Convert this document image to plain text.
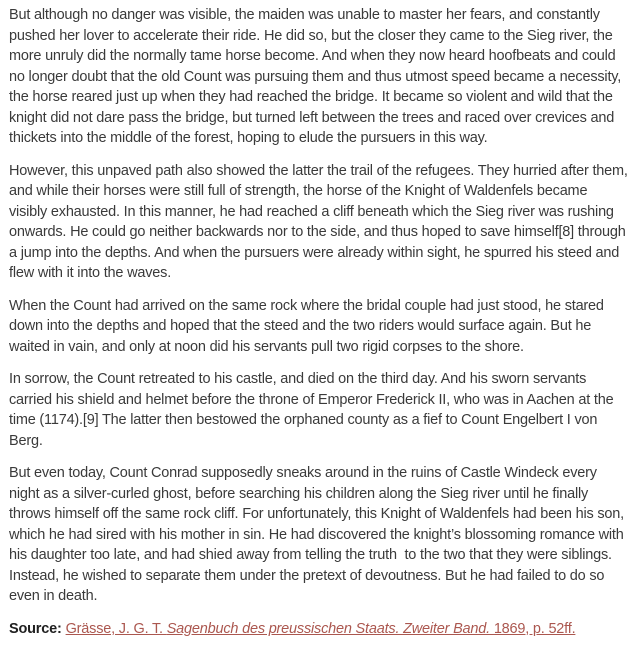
But although no danger was visible, the maiden was unable to master her fears, and constantly pushed her lover to accelerate their ride. He did so, but the closer they came to the Sieg river, the more unruly did the normally tame horse become. And when they now heard hoofbeats and could no longer doubt that the old Count was pursuing them and thus utmost speed became a necessity, the horse reared just up when they had reached the bridge. It became so violent and wild that the knight did not dare pass the bridge, but turned left between the trees and raced over crevices and thickets into the middle of the forest, hoping to elude the pursuers in this way.

However, this unpaved path also showed the latter the trail of the refugees. They hurried after them, and while their horses were still full of strength, the horse of the Knight of Waldenfels became visibly exhausted. In this manner, he had reached a cliff beneath which the Sieg river was rushing onwards. He could go neither backwards nor to the side, and thus hoped to save himself[8] through a jump into the depths. And when the pursuers were already within sight, he spurred his steed and flew with it into the waves.

When the Count had arrived on the same rock where the bridal couple had just stood, he stared down into the depths and hoped that the steed and the two riders would surface again. But he waited in vain, and only at noon did his servants pull two rigid corpses to the shore.

In sorrow, the Count retreated to his castle, and died on the third day. And his sworn servants carried his shield and helmet before the throne of Emperor Frederick II, who was in Aachen at the time (1174).[9] The latter then bestowed the orphaned county as a fief to Count Engelbert I von Berg.

But even today, Count Conrad supposedly sneaks around in the ruins of Castle Windeck every night as a silver-curled ghost, before searching his children along the Sieg river until he finally throws himself off the same rock cliff. For unfortunately, this Knight of Waldenfels had been his son, which he had sired with his mother in sin. He had discovered the knight’s blossoming romance with his daughter too late, and had shied away from telling the truth  to the two that they were siblings. Instead, he wished to separate them under the pretext of devoutness. But he had failed to do so even in death.

Source: Grässe, J. G. T. Sagenbuch des preussischen Staats. Zweiter Band. 1869, p. 52ff.
